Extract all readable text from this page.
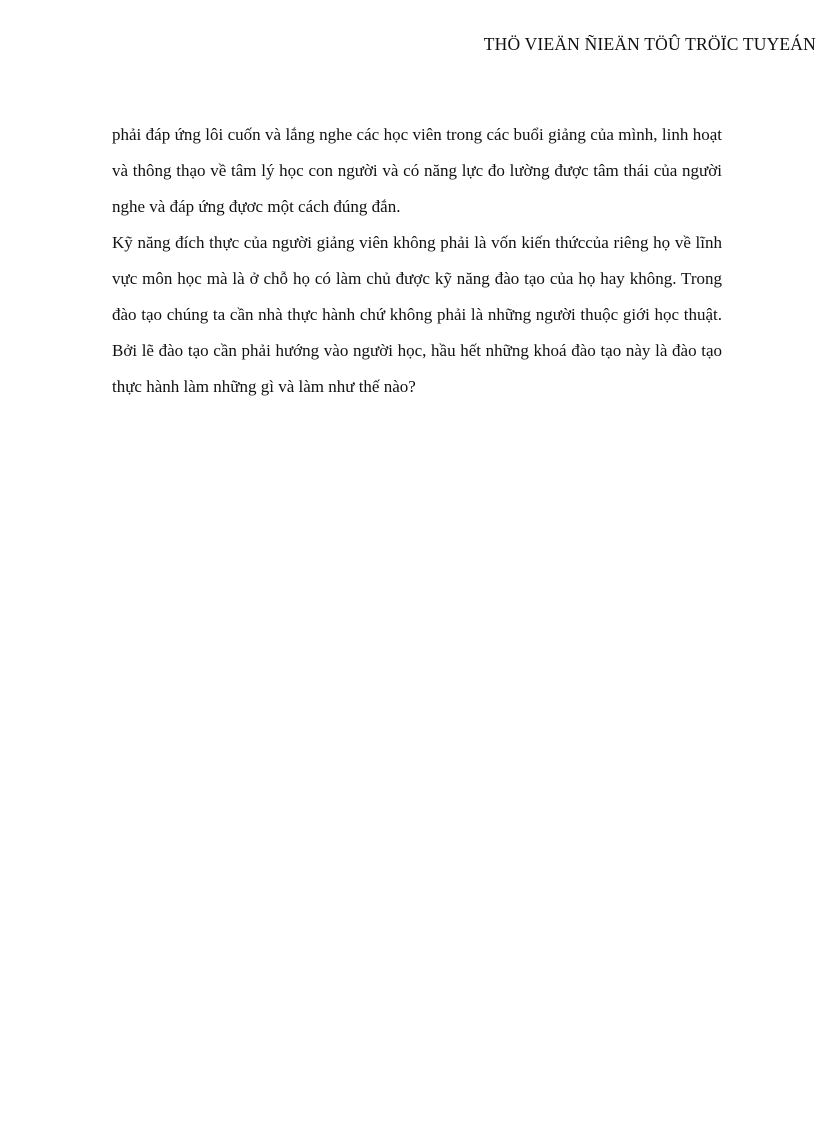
THÖ VIEÄN ÑIEÄN TÖÛ TRÖÏC TUYEÁN

phải đáp ứng lôi cuốn và lắng nghe các học viên trong các buổi giảng của mình, linh hoạt và thông thạo về tâm lý học con người và có năng lực đo lường được tâm thái của người nghe và đáp ứng đựơc một cách đúng đắn.

Kỹ năng đích thực của người giảng viên không phải là vốn kiến thứccủa riêng họ về lĩnh vực môn học mà là ở chỗ họ có làm chủ được kỹ năng đào tạo của họ hay không. Trong đào tạo chúng ta cần nhà thực hành chứ không phải là những người thuộc giới học thuật. Bởi lẽ đào tạo cần phải hướng vào người học, hầu hết những khoá đào tạo này là đào tạo thực hành làm những gì và làm như thế nào?
